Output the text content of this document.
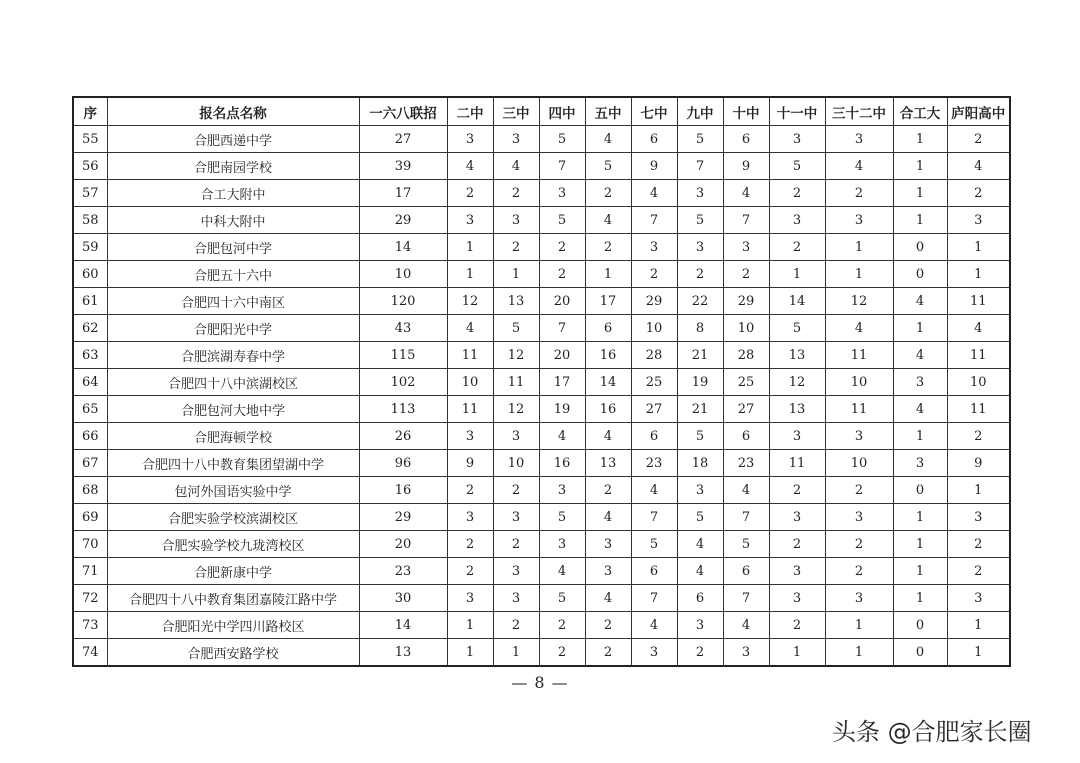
序	报名点名称	一六八联招	二中	三中	四中	五中	七中	九中	十中	十一中	三十二中	合工大	庐阳高中
55	合肥西递中学	27	3	3	5	4	6	5	6	3	3	1	2
56	合肥南园学校	39	4	4	7	5	9	7	9	5	4	1	4
57	合工大附中	17	2	2	3	2	4	3	4	2	2	1	2
58	中科大附中	29	3	3	5	4	7	5	7	3	3	1	3
59	合肥包河中学	14	1	2	2	2	3	3	3	2	1	0	1
60	合肥五十六中	10	1	1	2	1	2	2	2	1	1	0	1
61	合肥四十六中南区	120	12	13	20	17	29	22	29	14	12	4	11
62	合肥阳光中学	43	4	5	7	6	10	8	10	5	4	1	4
63	合肥滨湖寿春中学	115	11	12	20	16	28	21	28	13	11	4	11
64	合肥四十八中滨湖校区	102	10	11	17	14	25	19	25	12	10	3	10
65	合肥包河大地中学	113	11	12	19	16	27	21	27	13	11	4	11
66	合肥海顿学校	26	3	3	4	4	6	5	6	3	3	1	2
67	合肥四十八中教育集团望湖中学	96	9	10	16	13	23	18	23	11	10	3	9
68	包河外国语实验中学	16	2	2	3	2	4	3	4	2	2	0	1
69	合肥实验学校滨湖校区	29	3	3	5	4	7	5	7	3	3	1	3
70	合肥实验学校九珑湾校区	20	2	2	3	3	5	4	5	2	2	1	2
71	合肥新康中学	23	2	3	4	3	6	4	6	3	2	1	2
72	合肥四十八中教育集团嘉陵江路中学	30	3	3	5	4	7	6	7	3	3	1	3
73	合肥阳光中学四川路校区	14	1	2	2	2	4	3	4	2	1	0	1
74	合肥西安路学校	13	1	1	2	2	3	2	3	1	1	0	1
— 8 —
头条 @合肥家长圈
